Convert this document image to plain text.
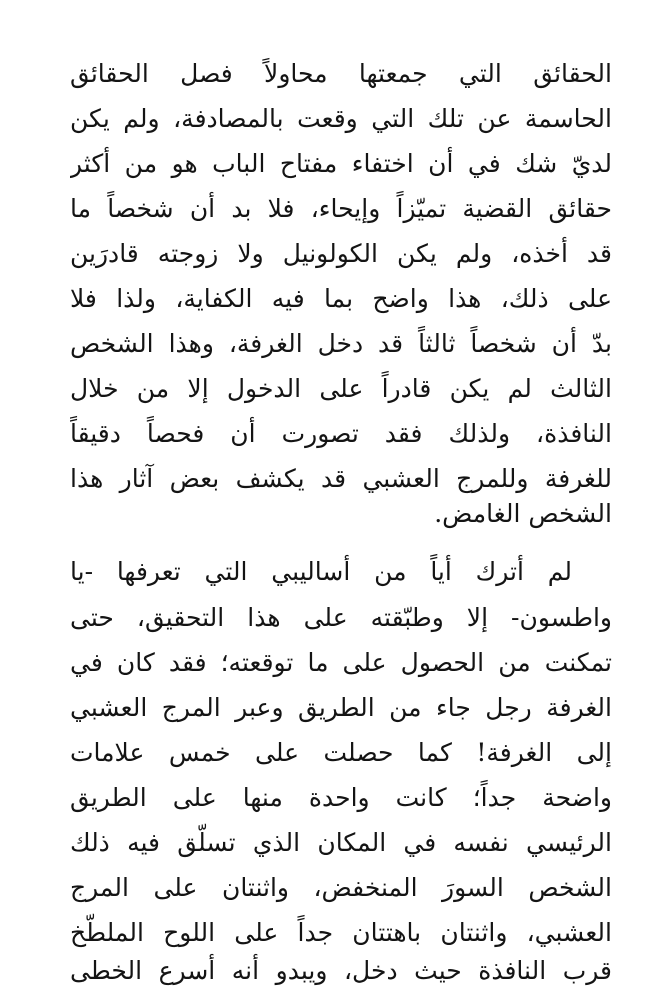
الحقائق التي جمعتها محاولاً فصل الحقائق
الحاسمة عن تلك التي وقعت بالمصادفة، ولم يكن
لديّ شك في أن اختفاء مفتاح الباب هو من أكثر
حقائق القضية تميّزاً وإيحاء، فلا بد أن شخصاً ما
قد أخذه، ولم يكن الكولونيل ولا زوجته قادرَين
على ذلك، هذا واضح بما فيه الكفاية، ولذا فلا
بدّ أن شخصاً ثالثاً قد دخل الغرفة، وهذا الشخص
الثالث لم يكن قادراً على الدخول إلا من خلال
النافذة، ولذلك فقد تصورت أن فحصاً دقيقاً
للغرفة وللمرج العشبي قد يكشف بعض آثار هذا
الشخص الغامض.
لم أترك أياً من أساليبي التي تعرفها -يا
واطسون- إلا وطبّقته على هذا التحقيق، حتى
تمكنت من الحصول على ما توقعته؛ فقد كان في
الغرفة رجل جاء من الطريق وعبر المرج العشبي
إلى الغرفة! كما حصلت على خمس علامات
واضحة جداً؛ كانت واحدة منها على الطريق
الرئيسي نفسه في المكان الذي تسلّق فيه ذلك
الشخص السورَ المنخفض، واثنتان على المرج
العشبي، واثنتان باهتتان جداً على اللوح الملطّخ
قرب النافذة حيث دخل، ويبدو أنه أسرع الخطى
